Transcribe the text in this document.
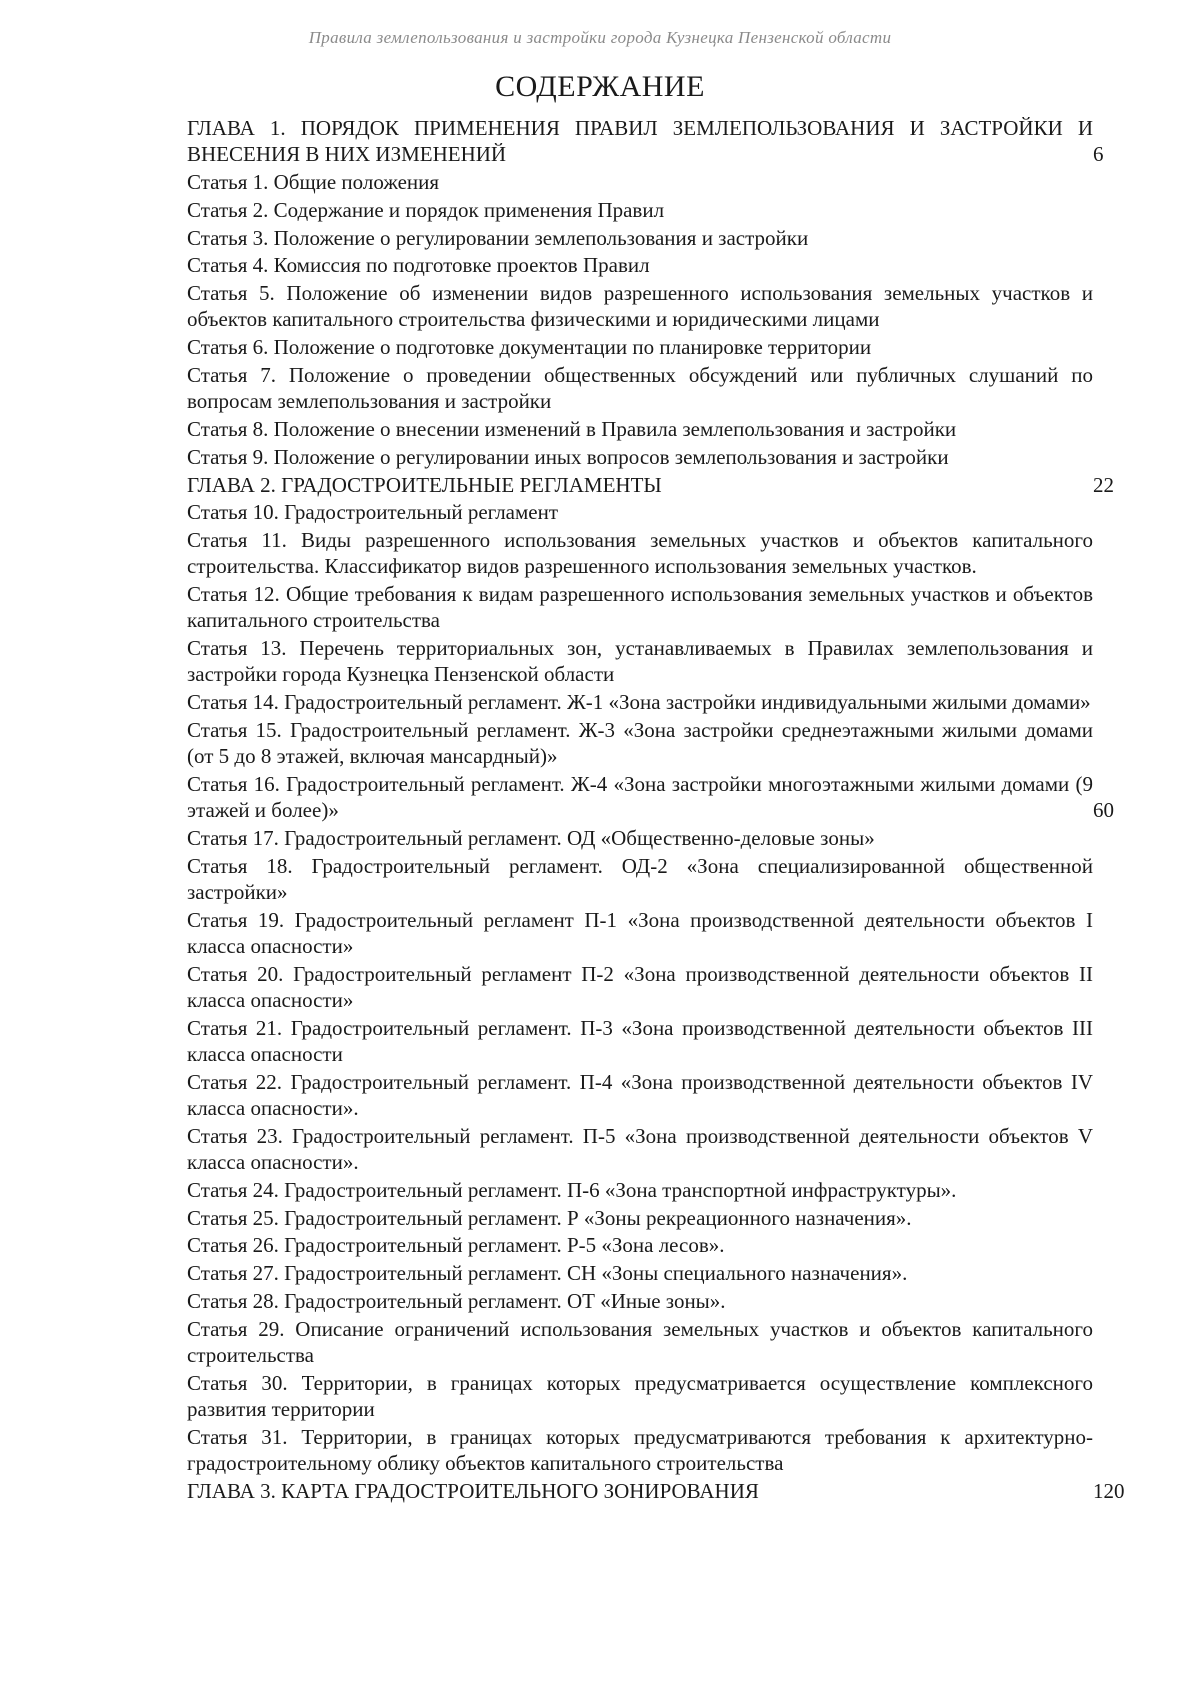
Правила землепользования и застройки города Кузнецка Пензенской области
СОДЕРЖАНИЕ
ГЛАВА 1. ПОРЯДОК ПРИМЕНЕНИЯ ПРАВИЛ ЗЕМЛЕПОЛЬЗОВАНИЯ И ЗАСТРОЙКИ И ВНЕСЕНИЯ В НИХ ИЗМЕНЕНИЙ	6
Статья 1. Общие положения
Статья 2. Содержание и порядок применения Правил
Статья 3. Положение о регулировании землепользования и застройки
Статья 4. Комиссия по подготовке проектов Правил
Статья 5. Положение об изменении видов разрешенного использования земельных участков и объектов капитального строительства физическими и юридическими лицами
Статья 6. Положение о подготовке документации по планировке территории
Статья 7. Положение о проведении общественных обсуждений или публичных слушаний по вопросам землепользования и застройки
Статья 8. Положение о внесении изменений в Правила землепользования и застройки
Статья 9. Положение о регулировании иных вопросов землепользования и застройки
ГЛАВА 2. ГРАДОСТРОИТЕЛЬНЫЕ РЕГЛАМЕНТЫ	22
Статья 10. Градостроительный регламент
Статья 11. Виды разрешенного использования земельных участков и объектов капитального строительства. Классификатор видов разрешенного использования земельных участков.
Статья 12. Общие требования к видам разрешенного использования земельных участков и объектов капитального строительства
Статья 13. Перечень территориальных зон, устанавливаемых в Правилах землепользования и застройки города Кузнецка Пензенской области
Статья 14. Градостроительный регламент. Ж-1 «Зона застройки индивидуальными жилыми домами»
Статья 15. Градостроительный регламент. Ж-3 «Зона застройки среднеэтажными жилыми домами (от 5 до 8 этажей, включая мансардный)»
Статья 16. Градостроительный регламент. Ж-4 «Зона застройки многоэтажными жилыми домами (9 этажей и более)»	60
Статья 17. Градостроительный регламент. ОД «Общественно-деловые зоны»
Статья 18. Градостроительный регламент. ОД-2 «Зона специализированной общественной застройки»
Статья 19. Градостроительный регламент П-1 «Зона производственной деятельности объектов I класса опасности»
Статья 20. Градостроительный регламент П-2 «Зона производственной деятельности объектов II класса опасности»
Статья 21. Градостроительный регламент. П-3 «Зона производственной деятельности объектов III класса опасности
Статья 22. Градостроительный регламент. П-4 «Зона производственной деятельности объектов IV класса опасности».
Статья 23. Градостроительный регламент. П-5 «Зона производственной деятельности объектов V класса опасности».
Статья 24. Градостроительный регламент. П-6 «Зона транспортной инфраструктуры».
Статья 25. Градостроительный регламент. Р «Зоны рекреационного назначения».
Статья 26. Градостроительный регламент. Р-5 «Зона лесов».
Статья 27. Градостроительный регламент. СН «Зоны специального назначения».
Статья 28. Градостроительный регламент. ОТ «Иные зоны».
Статья 29. Описание ограничений использования земельных участков и объектов капитального строительства
Статья 30. Территории, в границах которых предусматривается осуществление комплексного развития территории
Статья 31. Территории, в границах которых предусматриваются требования к архитектурно-градостроительному облику объектов капитального строительства
ГЛАВА 3. КАРТА ГРАДОСТРОИТЕЛЬНОГО ЗОНИРОВАНИЯ	120
